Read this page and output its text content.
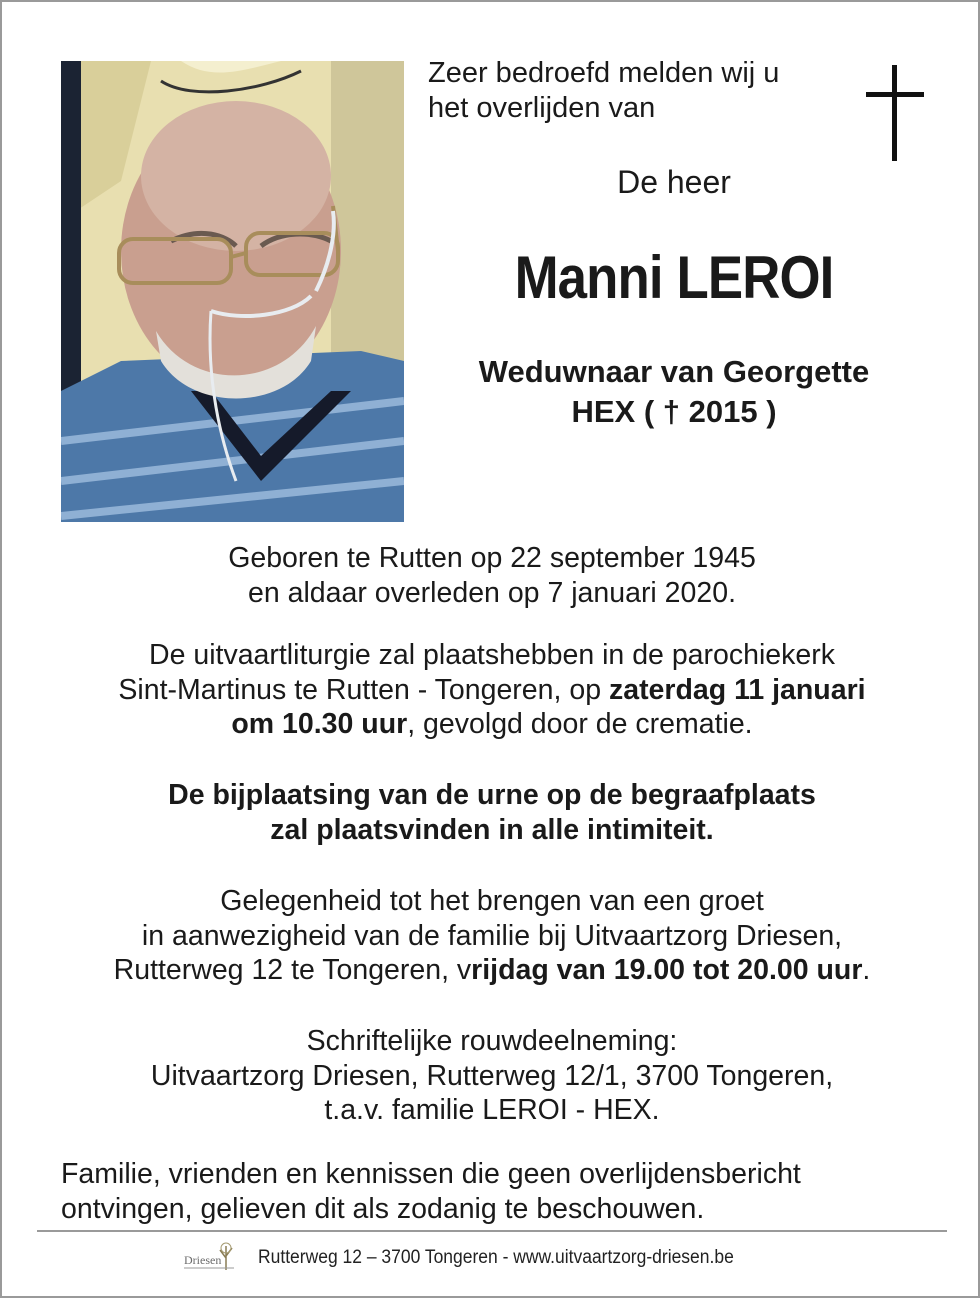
Zeer bedroefd melden wij u
het overlijden van
De heer
Manni LEROI
Weduwnaar van Georgette
HEX ( † 2015 )
Geboren te Rutten op 22 september 1945
en aldaar overleden op 7 januari 2020.
De uitvaartliturgie zal plaatshebben in de parochiekerk
Sint-Martinus te Rutten - Tongeren, op zaterdag 11 januari
om 10.30 uur, gevolgd door de crematie.
De bijplaatsing van de urne op de begraafplaats
zal plaatsvinden in alle intimiteit.
Gelegenheid tot het brengen van een groet
in aanwezigheid van de familie bij Uitvaartzorg Driesen,
Rutterweg 12 te Tongeren, vrijdag van 19.00 tot 20.00 uur.
Schriftelijke rouwdeelneming:
Uitvaartzorg Driesen, Rutterweg 12/1, 3700 Tongeren,
t.a.v. familie LEROI - HEX.
Familie, vrienden en kennissen die geen overlijdensbericht
ontvingen, gelieven dit als zodanig te beschouwen.
Driesen Rutterweg 12 – 3700 Tongeren - www.uitvaartzorg-driesen.be
